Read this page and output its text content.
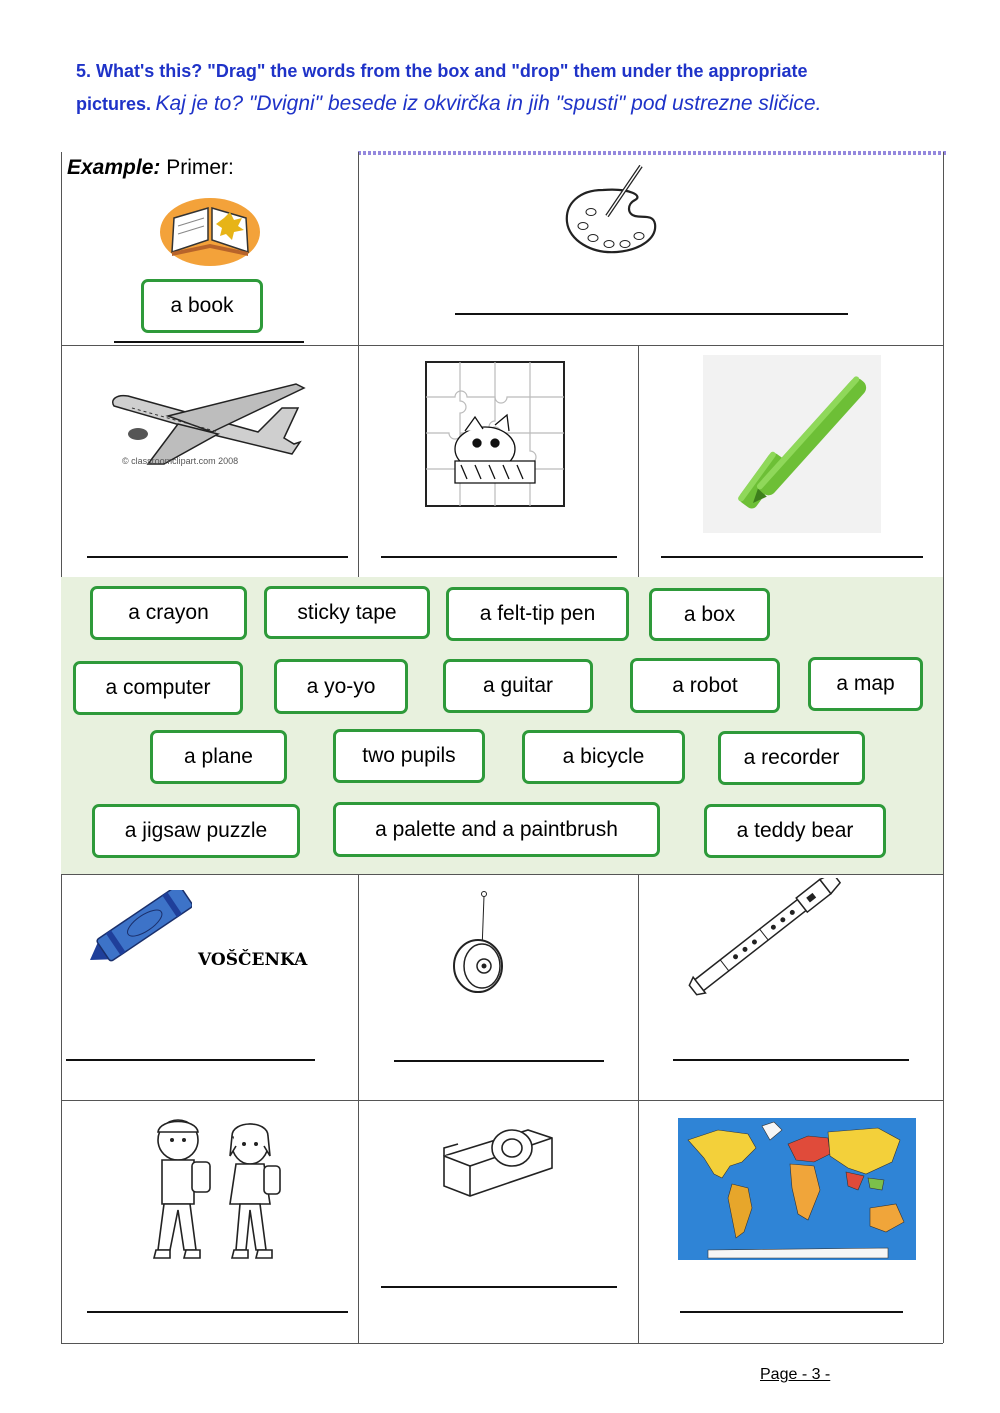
5. What's this? "Drag" the words from the box and "drop" them under the appropriate
pictures. Kaj je to? "Dvigni" besede iz okvirčka in jih "spusti" pod ustrezne sličice.
Example: Primer:
a book
© classroomclipart.com 2008
a crayon	sticky tape	a felt-tip pen	a box
a computer	a yo-yo	a guitar	a robot	a map
a plane	two pupils	a bicycle	a recorder
a jigsaw puzzle	a palette and a paintbrush	a teddy bear
VOŠČENKA
Page - 3 -
